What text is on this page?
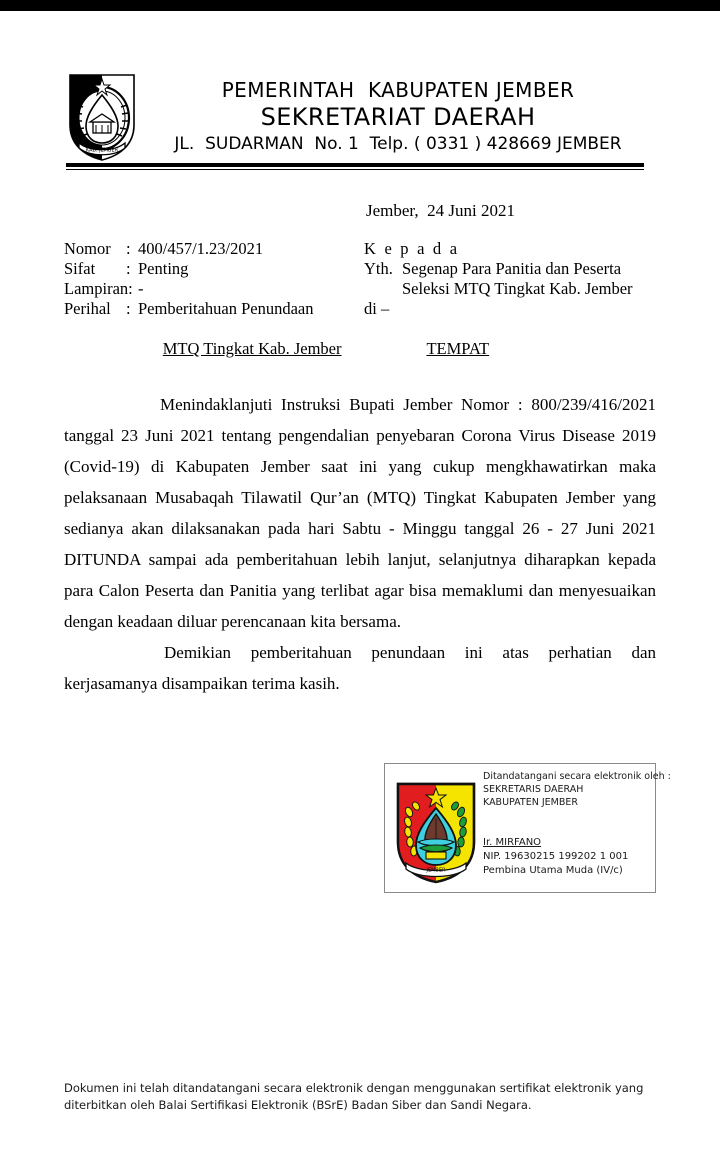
KAB. JEMBER
PEMERINTAH  KABUPATEN JEMBER
SEKRETARIAT DAERAH
JL.  SUDARMAN  No. 1  Telp. ( 0331 ) 428669 JEMBER
Jember,  24 Juni 2021
Nomor : 400/457/1.23/2021
Sifat	: Penting
Lampiran: -
Perihal : Pemberitahuan Penundaan

MTQ Tingkat Kab. Jember

K e p a d a
Yth. Segenap Para Panitia dan Peserta
Seleksi MTQ Tingkat Kab. Jember
di –

TEMPAT

Menindaklanjuti Instruksi Bupati Jember Nomor : 800/239/416/2021 tanggal 23 Juni 2021 tentang pengendalian penyebaran Corona Virus Disease 2019 (Covid-19) di Kabupaten Jember saat ini yang cukup mengkhawatirkan maka pelaksanaan Musabaqah Tilawatil Qur’an (MTQ) Tingkat Kabupaten Jember yang sedianya akan dilaksanakan pada hari Sabtu - Minggu tanggal 26 - 27 Juni 2021 DITUNDA sampai ada pemberitahuan lebih lanjut, selanjutnya diharapkan kepada para Calon Peserta dan Panitia yang terlibat agar bisa memaklumi dan menyesuaikan dengan keadaan diluar perencanaan kita bersama.

Demikian pemberitahuan penundaan ini atas perhatian dan kerjasamanya disampaikan terima kasih.

JEMBER
Ditandatangani secara elektronik oleh :
SEKRETARIS DAERAH
KABUPATEN JEMBER
Ir. MIRFANO
NIP. 19630215 199202 1 001
Pembina Utama Muda (IV/c)
Dokumen ini telah ditandatangani secara elektronik dengan menggunakan sertifikat elektronik yang
diterbitkan oleh Balai Sertifikasi Elektronik (BSrE) Badan Siber dan Sandi Negara.
